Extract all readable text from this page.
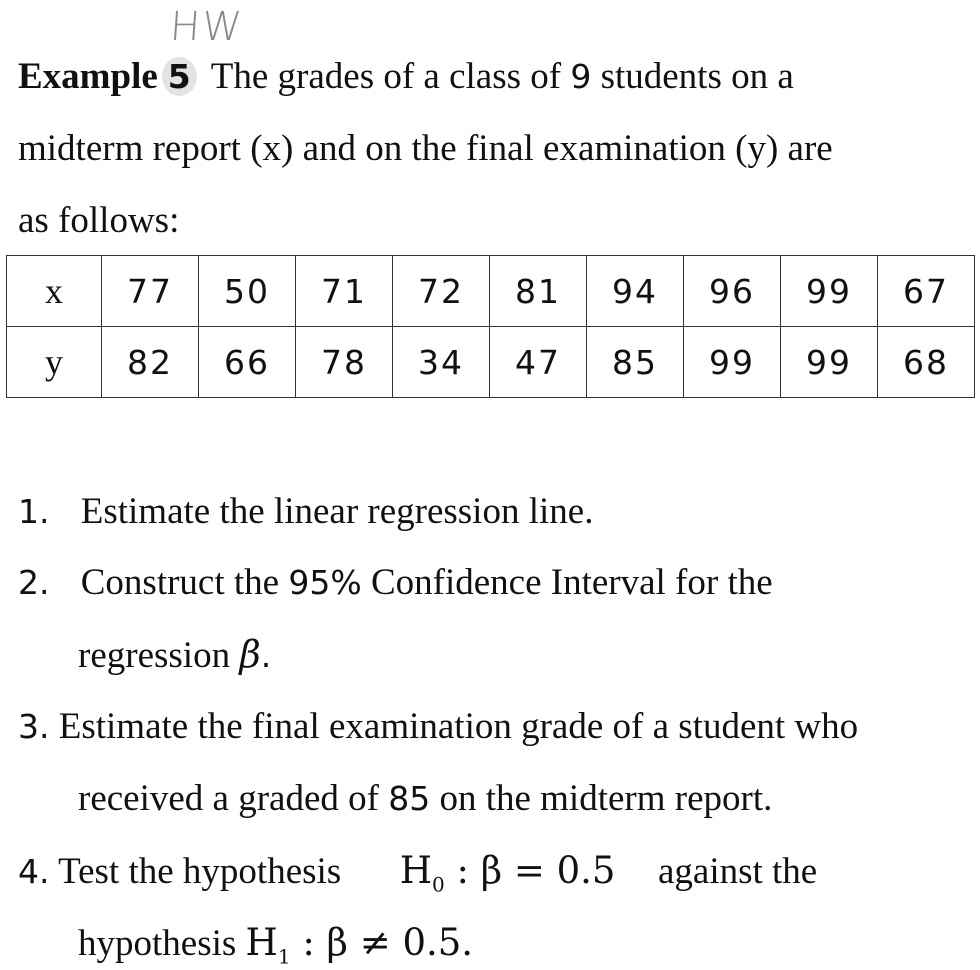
HW
Example 5 The grades of a class of 9 students on a
midterm report (x) and on the final examination (y) are
as follows:
x	77	50	71	72	81	94	96	99	67
y	82	66	78	34	47	85	99	99	68
1. Estimate the linear regression line.
2. Construct the 95% Confidence Interval for the
regression β.
3. Estimate the final examination grade of a student who
received a graded of 85 on the midterm report.
4. Test the hypothesis $H_0$ : β = 0.5 against the
hypothesis $H_1$ : β ≠ 0.5.
